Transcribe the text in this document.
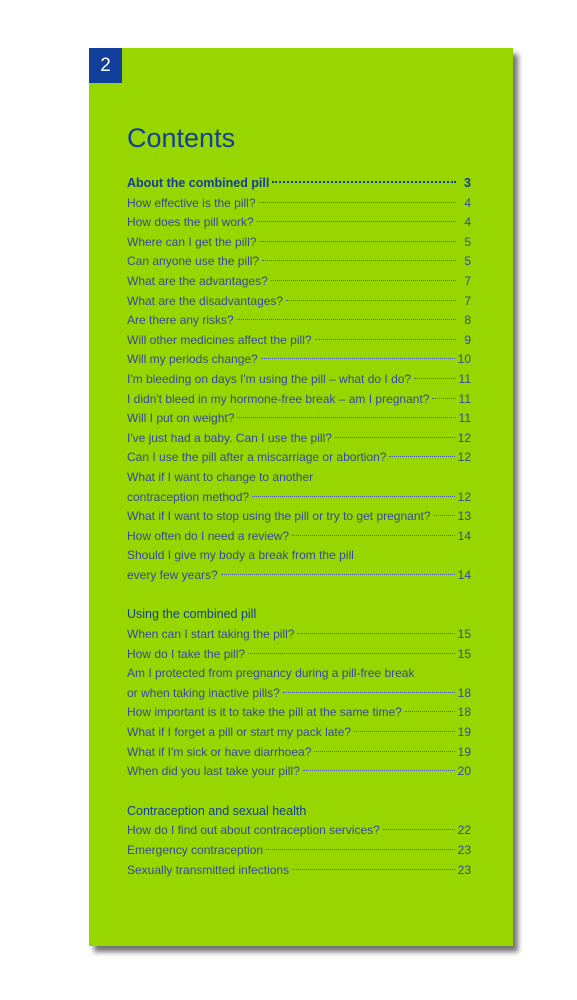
2
Contents
About the combined pill	3
How effective is the pill?	4
How does the pill work?	4
Where can I get the pill?	5
Can anyone use the pill?	5
What are the advantages?	7
What are the disadvantages?	7
Are there any risks?	8
Will other medicines affect the pill?	9
Will my periods change?	10
I'm bleeding on days I'm using the pill – what do I do?	11
I didn't bleed in my hormone-free break – am I pregnant? 11
Will I put on weight?	11
I've just had a baby. Can I use the pill?	12
Can I use the pill after a miscarriage or abortion?	12
What if I want to change to another
contraception method?	12
What if I want to stop using the pill or try to get pregnant? 13
How often do I need a review?	14
Should I give my body a break from the pill
every few years?	14
Using the combined pill
When can I start taking the pill?	15
How do I take the pill?	15
Am I protected from pregnancy during a pill-free break
or when taking inactive pills?	18
How important is it to take the pill at the same time?	18
What if I forget a pill or start my pack late?	19
What if I'm sick or have diarrhoea?	19
When did you last take your pill?	20
Contraception and sexual health
How do I find out about contraception services?	22
Emergency contraception	23
Sexually transmitted infections	23
